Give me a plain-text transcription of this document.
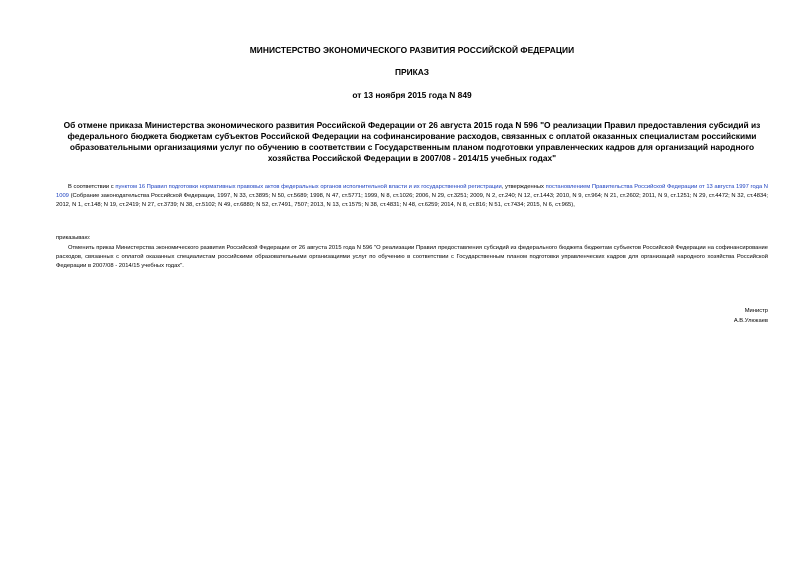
МИНИСТЕРСТВО ЭКОНОМИЧЕСКОГО РАЗВИТИЯ РОССИЙСКОЙ ФЕДЕРАЦИИ
ПРИКАЗ
от 13 ноября 2015 года N 849
Об отмене приказа Министерства экономического развития Российской Федерации от 26 августа 2015 года N 596 "О реализации Правил предоставления субсидий из федерального бюджета бюджетам субъектов Российской Федерации на софинансирование расходов, связанных с оплатой оказанных специалистам российскими образовательными организациями услуг по обучению в соответствии с Государственным планом подготовки управленческих кадров для организаций народного хозяйства Российской Федерации в 2007/08 - 2014/15 учебных годах"
В соответствии с пунктом 16 Правил подготовки нормативных правовых актов федеральных органов исполнительной власти и их государственной регистрации, утвержденных постановлением Правительства Российской Федерации от 13 августа 1997 года N 1009 (Собрание законодательства Российской Федерации, 1997, N 33, ст.3895; N 50, ст.5689; 1998, N 47, ст.5771; 1999, N 8, ст.1026; 2006, N 29, ст.3251; 2009, N 2, ст.240; N 12, ст.1443; 2010, N 9, ст.964; N 21, ст.2602; 2011, N 9, ст.1251; N 29, ст.4472; N 32, ст.4834; 2012, N 1, ст.148; N 19, ст.2419; N 27, ст.3739; N 38, ст.5102; N 49, ст.6880; N 52, ст.7491, 7507; 2013, N 13, ст.1575; N 38, ст.4831; N 48, ст.6259; 2014, N 8, ст.816; N 51, ст.7434; 2015, N 6, ст.965),
приказываю:
Отменить приказ Министерства экономического развития Российской Федерации от 26 августа 2015 года N 596 "О реализации Правил предоставления субсидий из федерального бюджета бюджетам субъектов Российской Федерации на софинансирование расходов, связанных с оплатой оказанных специалистам российскими образовательными организациями услуг по обучению в соответствии с Государственным планом подготовки управленческих кадров для организаций народного хозяйства Российской Федерации в 2007/08 - 2014/15 учебных годах".
Министр
А.В.Улюкаев
